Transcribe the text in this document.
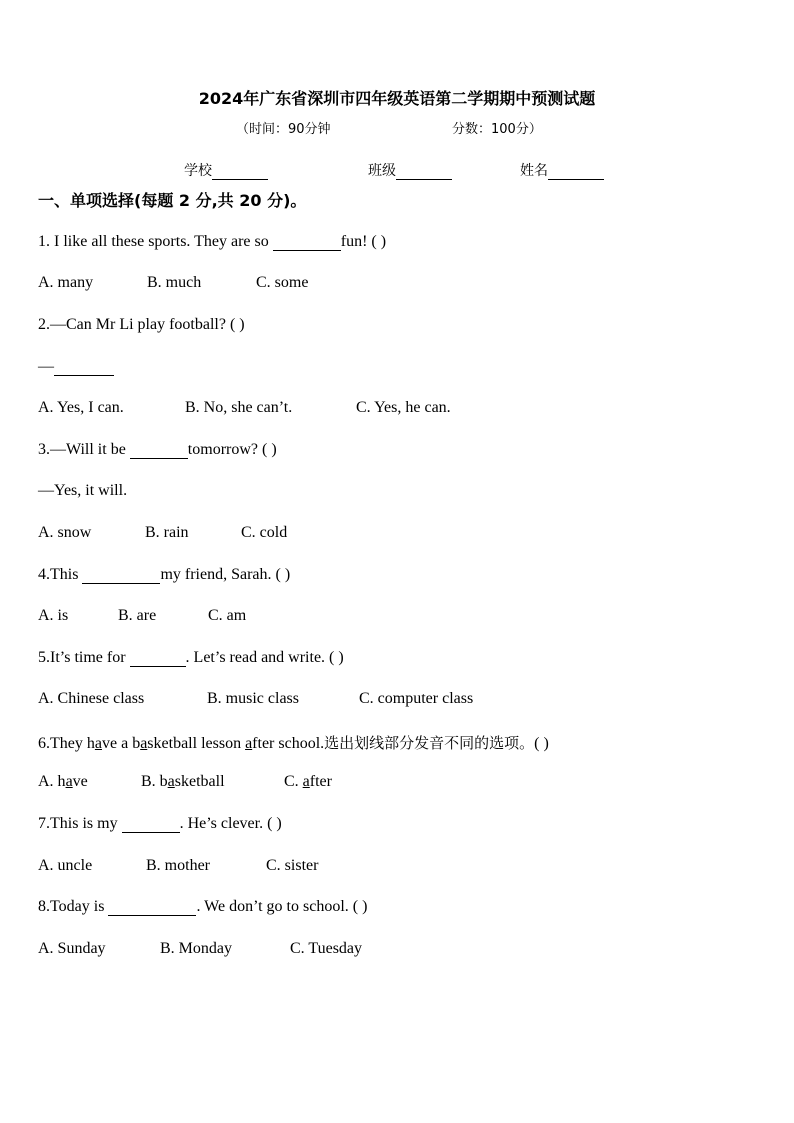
2024年广东省深圳市四年级英语第二学期期中预测试题
（时间：90分钟	分数：100分）
学校	班级	姓名
一、单项选择(每题 2 分,共 20 分)。
1. I like all these sports. They are so	fun! ( )
A. many	B. much	C. some
2.—Can Mr Li play football? ( )
—
A. Yes, I can.	B. No, she can’t.	C. Yes, he can.
3.—Will it be	tomorrow? ( )
—Yes, it will.
A. snow	B. rain	C. cold
4.This	my friend, Sarah. ( )
A. is	B. are	C. am
5.It’s time for	. Let’s read and write. ( )
A. Chinese class	B. music class	C. computer class
6.They have a basketball lesson after school.选出划线部分发音不同的选项。( )
A. have	B. basketball	C. after
7.This is my	. He’s clever. ( )
A. uncle	B. mother	C. sister
8.Today is	. We don’t go to school. ( )
A. Sunday	B. Monday	C. Tuesday
